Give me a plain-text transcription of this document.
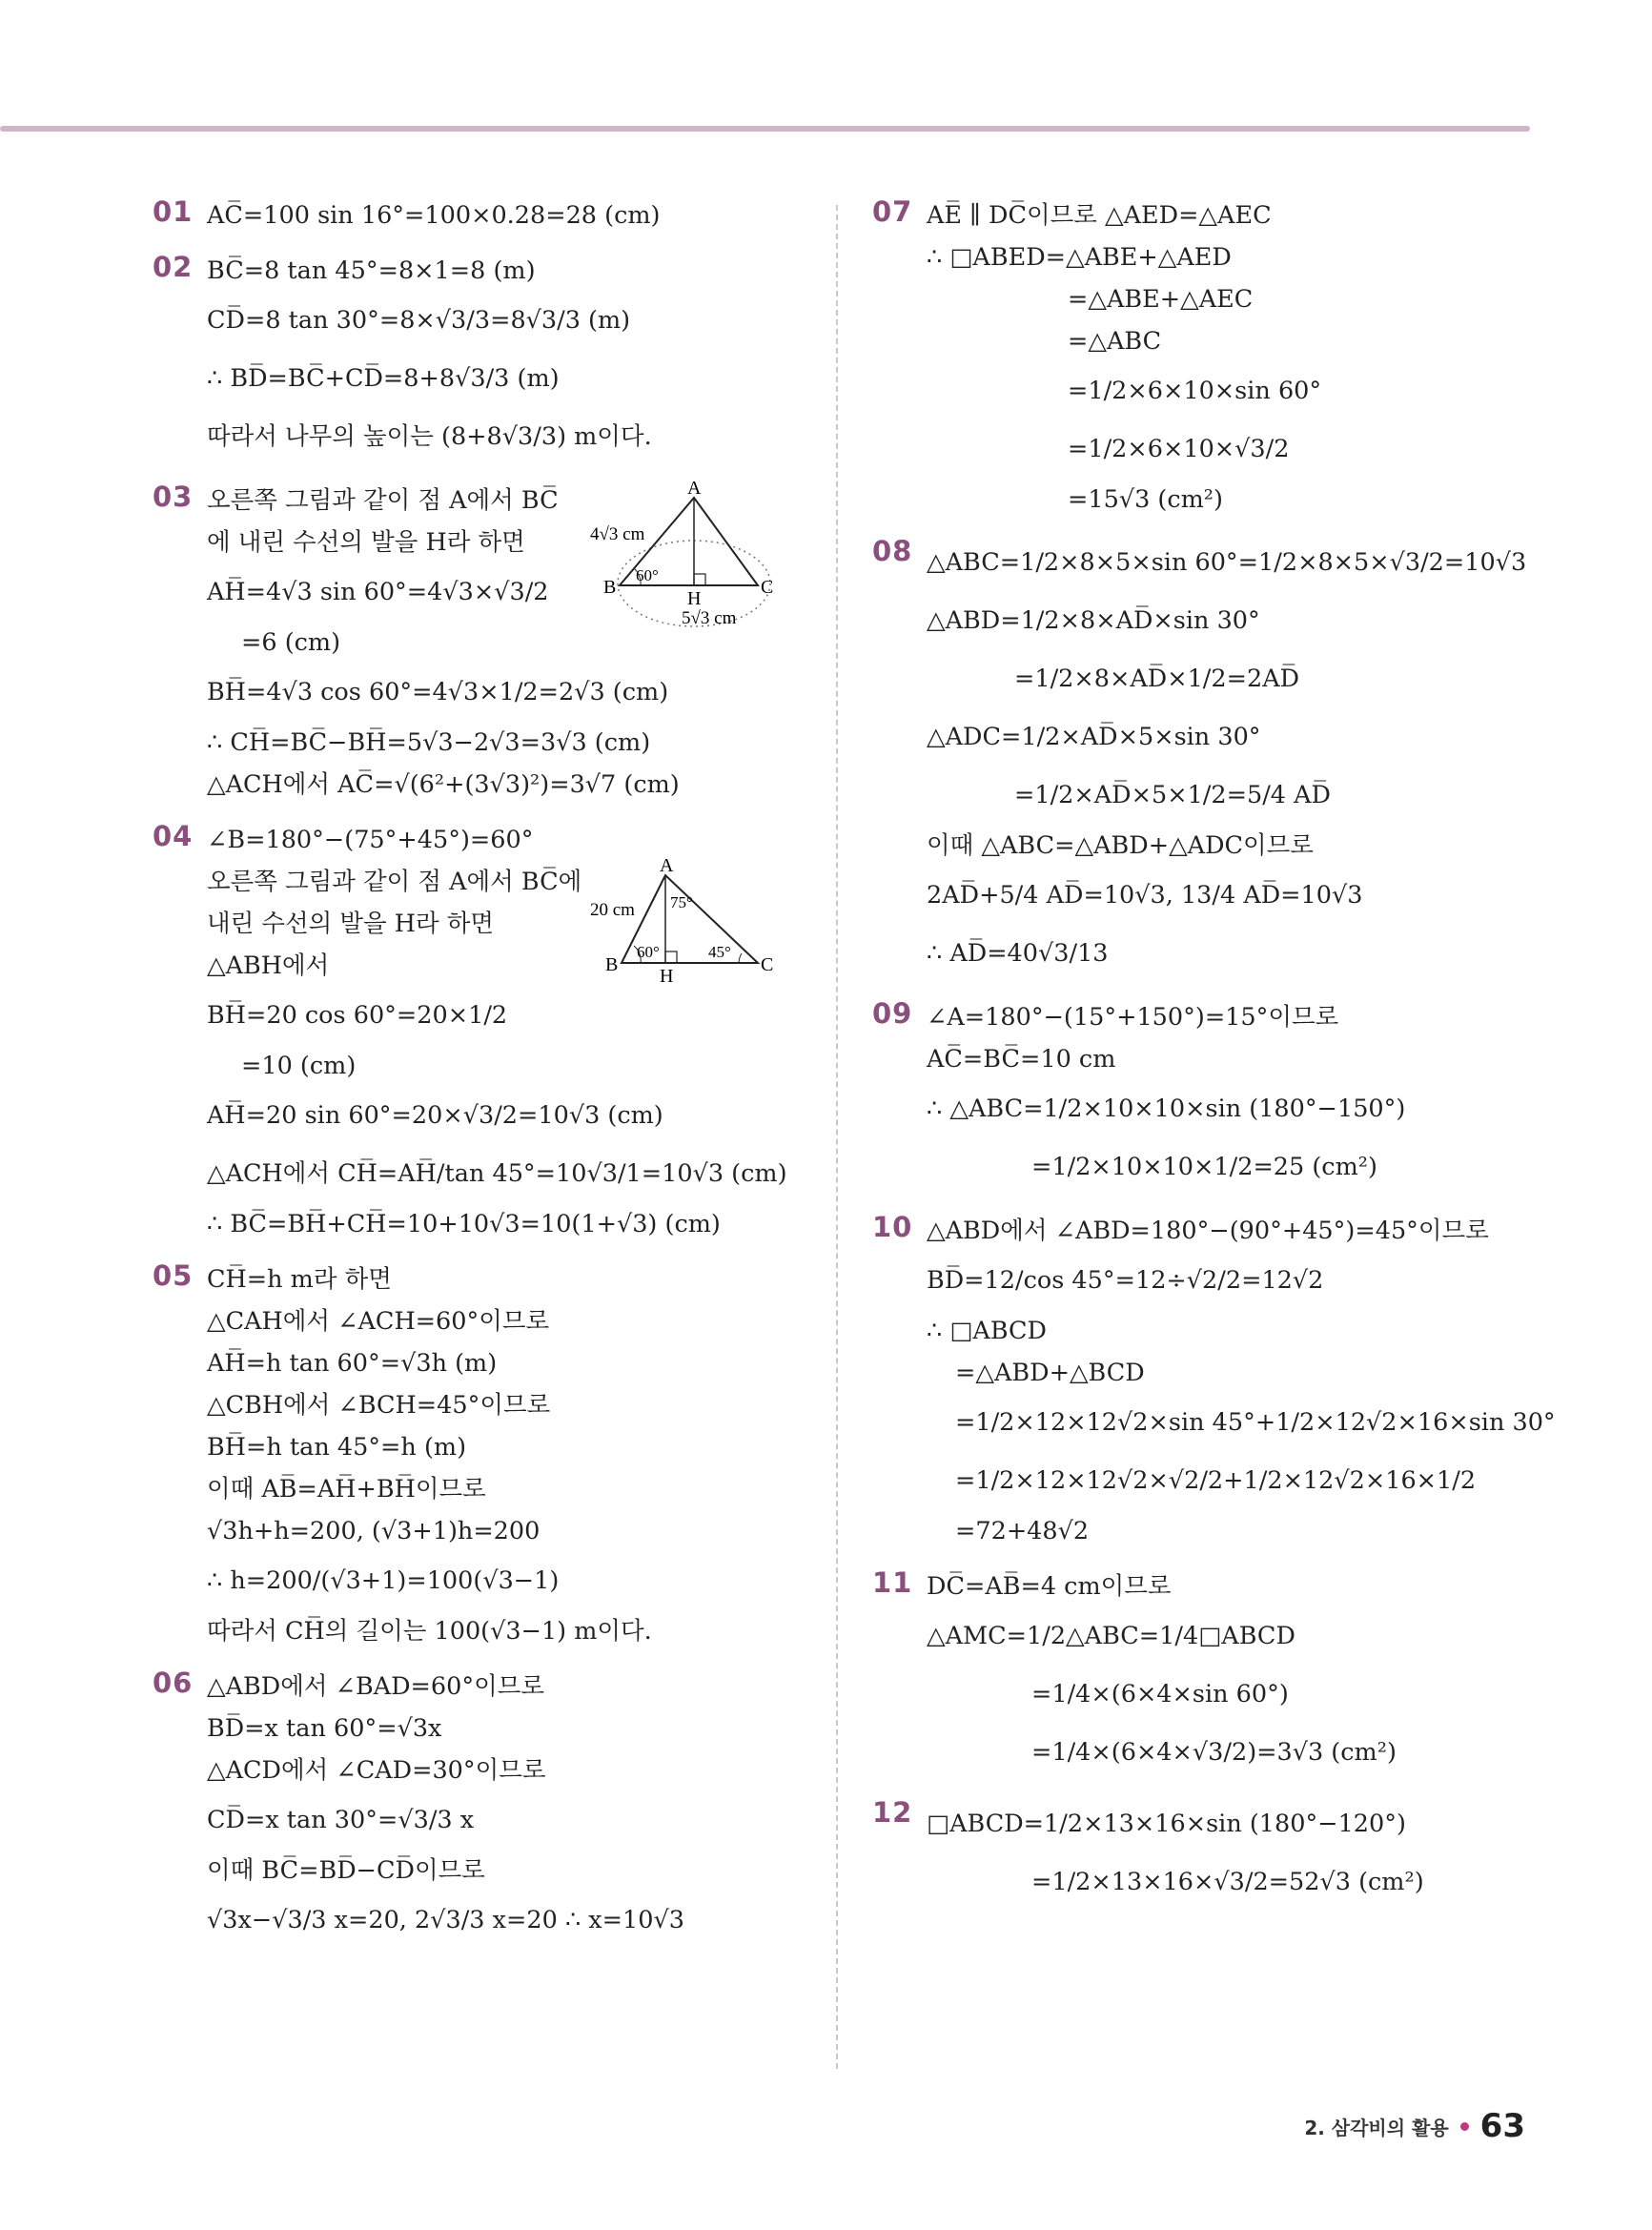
01 AC̅=100 sin 16°=100×0.28=28 (cm)
02 BC̅=8 tan 45°=8×1=8 (m)
CD̅=8 tan 30°=8×√3/3=8√3/3 (m)
∴ BD̅=BC̅+CD̅=8+8√3/3 (m)
따라서 나무의 높이는 (8+8√3/3) m이다.
03 오른쪽 그림과 같이 점 A에서 BC̅
에 내린 수선의 발을 H라 하면
AH̅=4√3 sin 60°=4√3×√3/2
=6 (cm)
BH̅=4√3 cos 60°=4√3×1/2=2√3 (cm)
∴ CH̅=BC̅−BH̅=5√3−2√3=3√3 (cm)
△ACH에서 AC̅=√(6²+(3√3)²)=3√7 (cm)
A
B	C
H
4√3 cm
5√3 cm
60°
04 ∠B=180°−(75°+45°)=60°
오른쪽 그림과 같이 점 A에서 BC̅에
내린 수선의 발을 H라 하면
△ABH에서
BH̅=20 cos 60°=20×1/2
=10 (cm)
AH̅=20 sin 60°=20×√3/2=10√3 (cm)
△ACH에서 CH̅=AH̅/tan 45°=10√3/1=10√3 (cm)
∴ BC̅=BH̅+CH̅=10+10√3=10(1+√3) (cm)
A
B	C
H
20 cm
60°
75°
45°
05 CH̅=h m라 하면
△CAH에서 ∠ACH=60°이므로
AH̅=h tan 60°=√3h (m)
△CBH에서 ∠BCH=45°이므로
BH̅=h tan 45°=h (m)
이때 AB̅=AH̅+BH̅이므로
√3h+h=200, (√3+1)h=200
∴ h=200/(√3+1)=100(√3−1)
따라서 CH̅의 길이는 100(√3−1) m이다.
06 △ABD에서 ∠BAD=60°이므로
BD̅=x tan 60°=√3x
△ACD에서 ∠CAD=30°이므로
CD̅=x tan 30°=√3/3 x
이때 BC̅=BD̅−CD̅이므로
√3x−√3/3 x=20, 2√3/3 x=20 ∴ x=10√3
07 AE̅ ∥ DC̅이므로 △AED=△AEC
∴ □ABED=△ABE+△AED
=△ABE+△AEC
=△ABC
=1/2×6×10×sin 60°
=1/2×6×10×√3/2
=15√3 (cm²)
08 △ABC=1/2×8×5×sin 60°=1/2×8×5×√3/2=10√3
△ABD=1/2×8×AD̅×sin 30°
=1/2×8×AD̅×1/2=2AD̅
△ADC=1/2×AD̅×5×sin 30°
=1/2×AD̅×5×1/2=5/4 AD̅
이때 △ABC=△ABD+△ADC이므로
2AD̅+5/4 AD̅=10√3, 13/4 AD̅=10√3
∴ AD̅=40√3/13
09 ∠A=180°−(15°+150°)=15°이므로
AC̅=BC̅=10 cm
∴ △ABC=1/2×10×10×sin (180°−150°)
=1/2×10×10×1/2=25 (cm²)
10 △ABD에서 ∠ABD=180°−(90°+45°)=45°이므로
BD̅=12/cos 45°=12÷√2/2=12√2
∴ □ABCD
=△ABD+△BCD
=1/2×12×12√2×sin 45°+1/2×12√2×16×sin 30°
=1/2×12×12√2×√2/2+1/2×12√2×16×1/2
=72+48√2
11 DC̅=AB̅=4 cm이므로
△AMC=1/2△ABC=1/4□ABCD
=1/4×(6×4×sin 60°)
=1/4×(6×4×√3/2)=3√3 (cm²)
12 □ABCD=1/2×13×16×sin (180°−120°)
=1/2×13×16×√3/2=52√3 (cm²)
2. 삼각비의 활용 63
